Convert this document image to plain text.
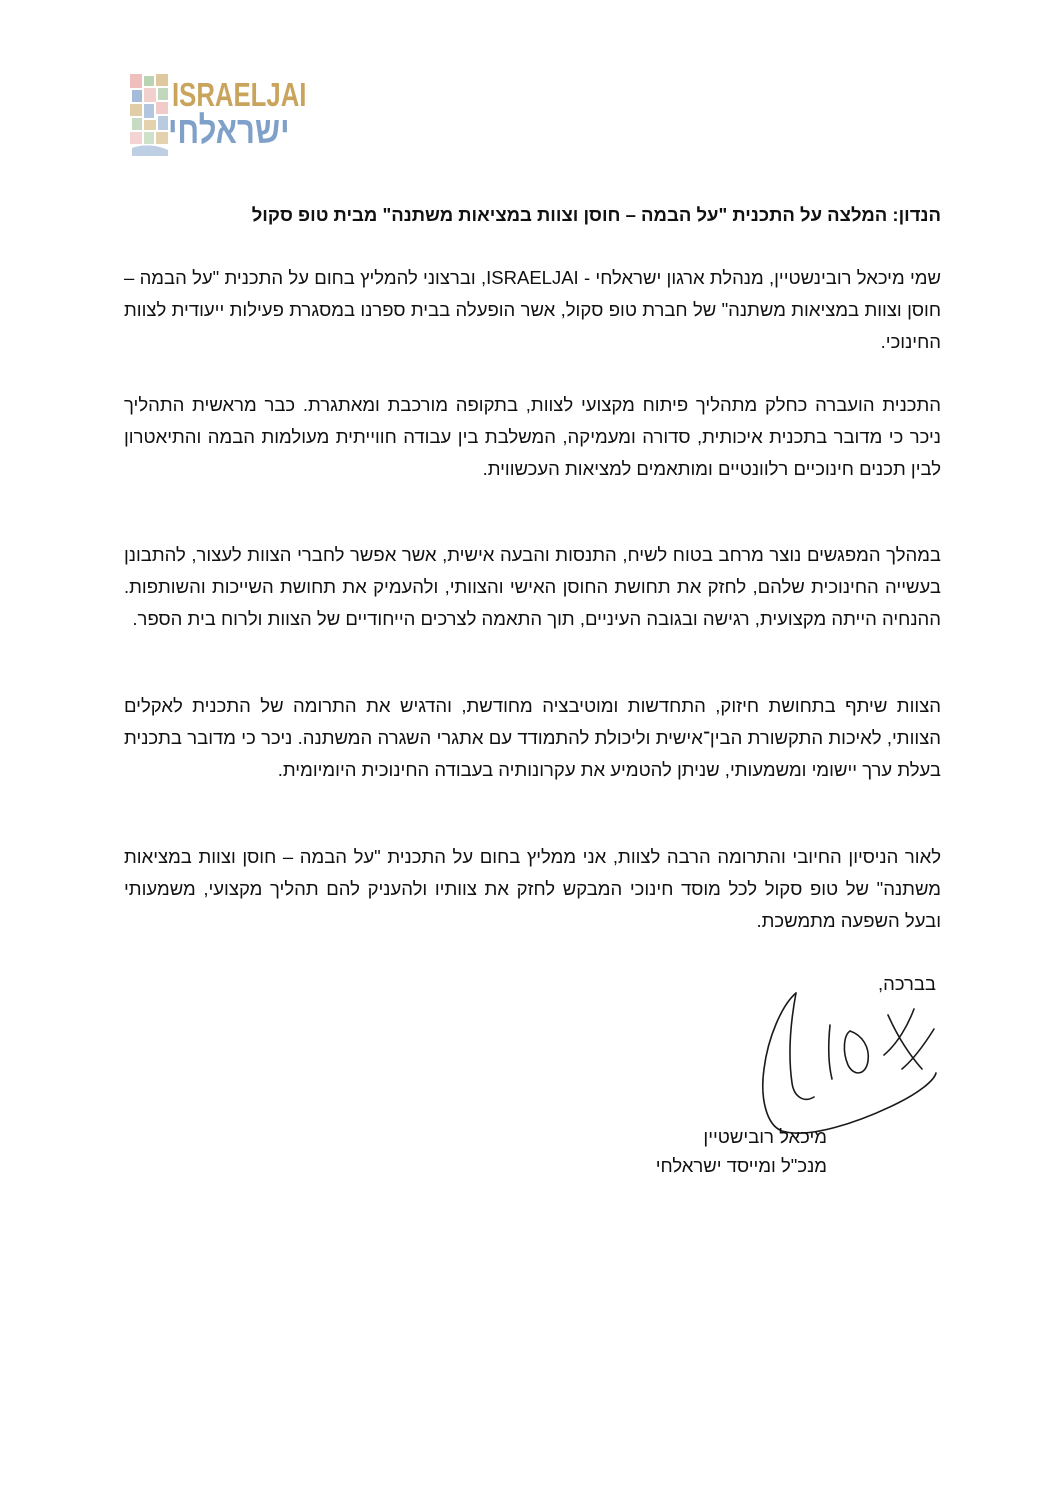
ISRAELJAI
ישראלחי
הנדון: המלצה על התכנית "על הבמה – חוסן וצוות במציאות משתנה" מבית טופ סקול
שמי מיכאל רובינשטיין, מנהלת ארגון ישראלחי - ISRAELJAI, וברצוני להמליץ בחום על התכנית "על הבמה – חוסן וצוות במציאות משתנה" של חברת טופ סקול, אשר הופעלה בבית ספרנו במסגרת פעילות ייעודית לצוות החינוכי.
התכנית הועברה כחלק מתהליך פיתוח מקצועי לצוות, בתקופה מורכבת ומאתגרת. כבר מראשית התהליך ניכר כי מדובר בתכנית איכותית, סדורה ומעמיקה, המשלבת בין עבודה חווייתית מעולמות הבמה והתיאטרון לבין תכנים חינוכיים רלוונטיים ומותאמים למציאות העכשווית.
במהלך המפגשים נוצר מרחב בטוח לשיח, התנסות והבעה אישית, אשר אפשר לחברי הצוות לעצור, להתבונן בעשייה החינוכית שלהם, לחזק את תחושת החוסן האישי והצוותי, ולהעמיק את תחושת השייכות והשותפות. ההנחיה הייתה מקצועית, רגישה ובגובה העיניים, תוך התאמה לצרכים הייחודיים של הצוות ולרוח בית הספר.
הצוות שיתף בתחושת חיזוק, התחדשות ומוטיבציה מחודשת, והדגיש את התרומה של התכנית לאקלים הצוותי, לאיכות התקשורת הבין־אישית וליכולת להתמודד עם אתגרי השגרה המשתנה. ניכר כי מדובר בתכנית בעלת ערך יישומי ומשמעותי, שניתן להטמיע את עקרונותיה בעבודה החינוכית היומיומית.
לאור הניסיון החיובי והתרומה הרבה לצוות, אני ממליץ בחום על התכנית "על הבמה – חוסן וצוות במציאות משתנה" של טופ סקול לכל מוסד חינוכי המבקש לחזק את צוותיו ולהעניק להם תהליך מקצועי, משמעותי ובעל השפעה מתמשכת.
בברכה,
מיכאל רובישטיין
מנכ"ל ומייסד ישראלחי
